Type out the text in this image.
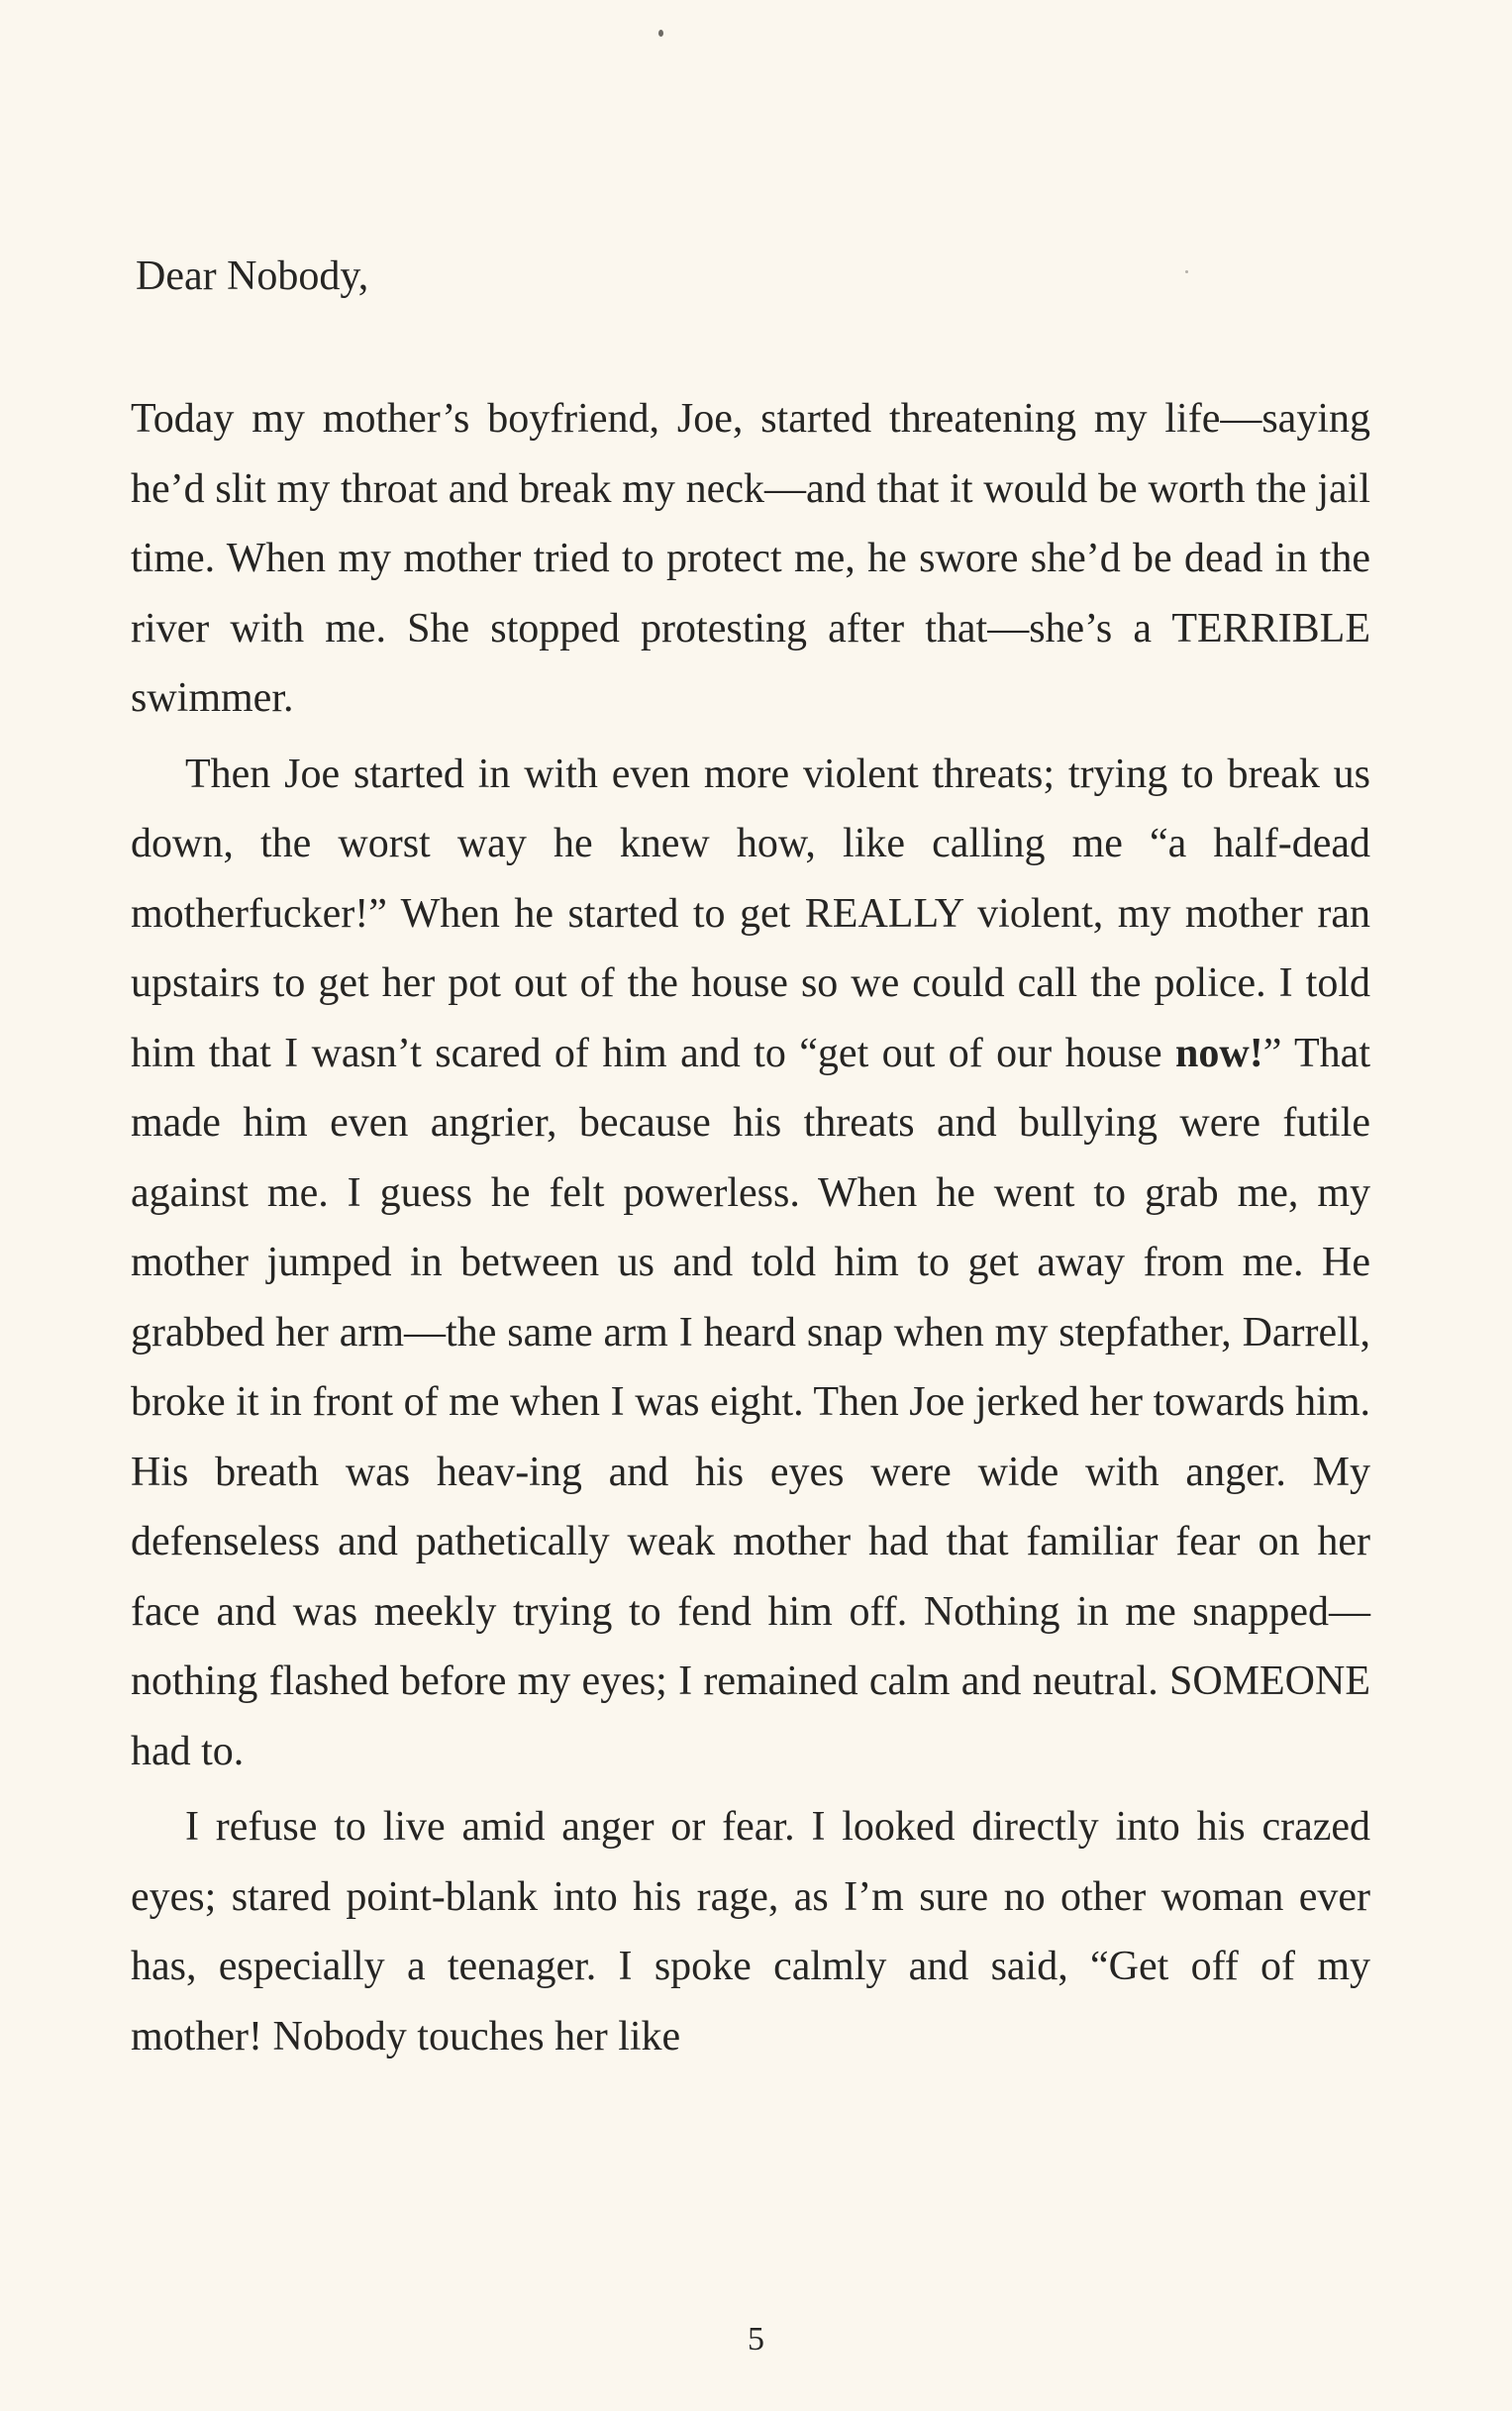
Dear Nobody,

Today my mother’s boyfriend, Joe, started threatening my life—saying he’d slit my throat and break my neck—and that it would be worth the jail time. When my mother tried to protect me, he swore she’d be dead in the river with me. She stopped protesting after that—she’s a TERRIBLE swimmer.

Then Joe started in with even more violent threats; trying to break us down, the worst way he knew how, like calling me “a half-dead motherfucker!” When he started to get REALLY violent, my mother ran upstairs to get her pot out of the house so we could call the police. I told him that I wasn’t scared of him and to “get out of our house now!” That made him even angrier, because his threats and bullying were futile against me. I guess he felt powerless. When he went to grab me, my mother jumped in between us and told him to get away from me. He grabbed her arm—the same arm I heard snap when my stepfather, Darrell, broke it in front of me when I was eight. Then Joe jerked her towards him. His breath was heav-ing and his eyes were wide with anger. My defenseless and pathetically weak mother had that familiar fear on her face and was meekly trying to fend him off. Nothing in me snapped—nothing flashed before my eyes; I remained calm and neutral. SOMEONE had to.

I refuse to live amid anger or fear. I looked directly into his crazed eyes; stared point-blank into his rage, as I’m sure no other woman ever has, especially a teenager. I spoke calmly and said, “Get off of my mother! Nobody touches her like

5
